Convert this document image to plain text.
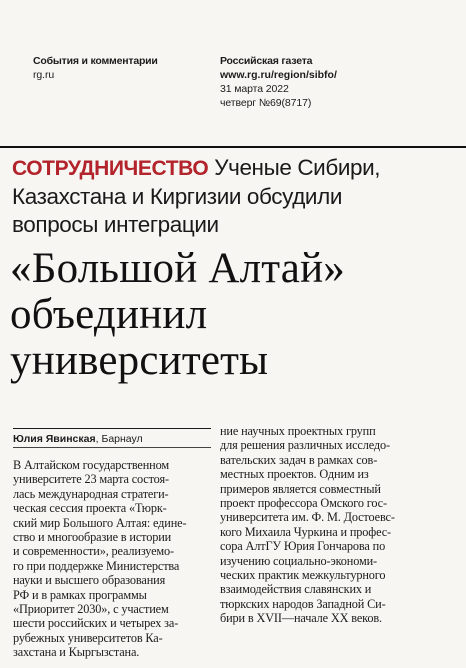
События и комментарии
rg.ru
Российская газета
www.rg.ru/region/sibfo/
31 марта 2022
четверг №69(8717)
СОТРУДНИЧЕСТВО Ученые Сибири,
Казахстана и Киргизии обсудили
вопросы интеграции
«Большой Алтай»
объединил
университеты
Юлия Явинская, Барнаул
В Алтайском государственном
университете 23 марта состоя-
лась международная стратеги-
ческая сессия проекта «Тюрк-
ский мир Большого Алтая: едине-
ство и многообразие в истории
и современности», реализуемо-
го при поддержке Министерства
науки и высшего образования
РФ и в рамках программы
«Приоритет 2030», с участием
шести российских и четырех за-
рубежных университетов Ка-
захстана и Кыргызстана.
ние научных проектных групп
для решения различных исследо-
вательских задач в рамках сов-
местных проектов. Одним из
примеров является совместный
проект профессора Омского гос-
университета им. Ф. М. Достоевс-
кого Михаила Чуркина и профес-
сора АлтГУ Юрия Гончарова по
изучению социально-экономи-
ческих практик межкультурного
взаимодействия славянских и
тюркских народов Западной Си-
бири в XVII—начале XX веков.
